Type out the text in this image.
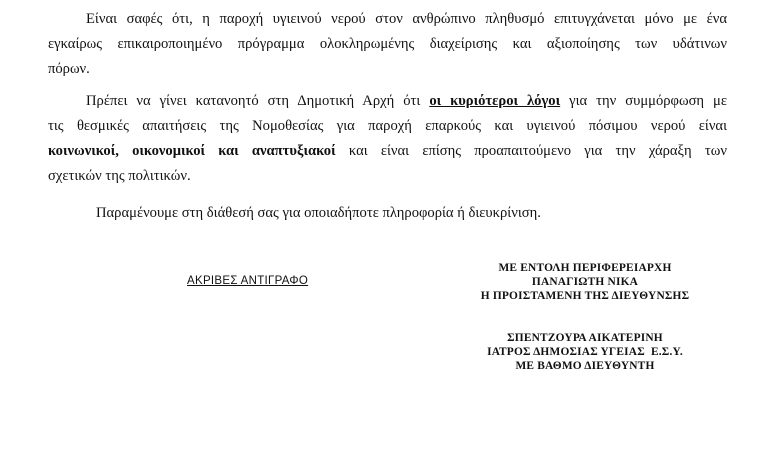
Είναι σαφές ότι, η παροχή υγιεινού νερού στον ανθρώπινο πληθυσμό επιτυγχάνεται μόνο με ένα
εγκαίρως επικαιροποιημένο πρόγραμμα ολοκληρωμένης διαχείρισης και αξιοποίησης των υδάτινων
πόρων.
Πρέπει να γίνει κατανοητό στη Δημοτική Αρχή ότι οι κυριότεροι λόγοι για την συμμόρφωση με
τις θεσμικές απαιτήσεις της Νομοθεσίας για παροχή επαρκούς και υγιεινού πόσιμου νερού είναι
κοινωνικοί, οικονομικοί και αναπτυξιακοί και είναι επίσης προαπαιτούμενο για την χάραξη των
σχετικών της πολιτικών.
Παραμένουμε στη διάθεσή σας για οποιαδήποτε πληροφορία ή διευκρίνιση.
ΑΚΡΙΒΕΣ ΑΝΤΙΓΡΑΦΟ
ΜΕ ΕΝΤΟΛΗ ΠΕΡΙΦΕΡΕΙΑΡΧΗ
ΠΑΝΑΓΙΩΤΗ ΝΙΚΑ
Η ΠΡΟΙΣΤΑΜΕΝΗ ΤΗΣ ΔΙΕΥΘΥΝΣΗΣ
ΣΠΕΝΤΖΟΥΡΑ ΑΙΚΑΤΕΡΙΝΗ
ΙΑΤΡΟΣ ΔΗΜΟΣΙΑΣ ΥΓΕΙΑΣ  Ε.Σ.Υ.
ΜΕ ΒΑΘΜΟ ΔΙΕΥΘΥΝΤΗ
